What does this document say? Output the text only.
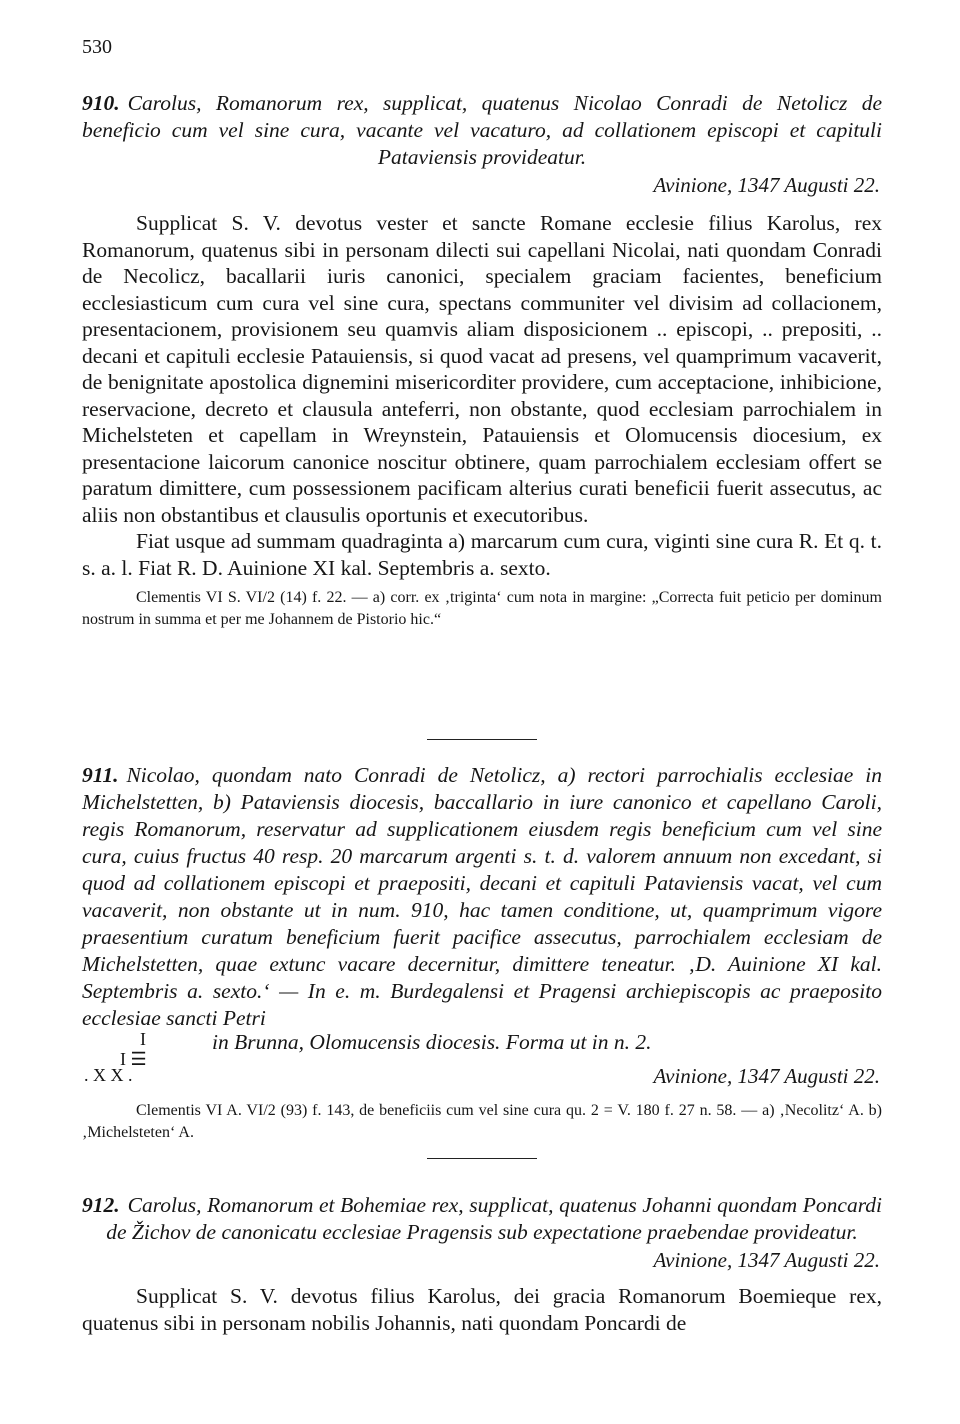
530

910. Carolus, Romanorum rex, supplicat, quatenus Nicolao Conradi de Netolicz de beneficio cum vel sine cura, vacante vel vacaturo, ad collationem episcopi et capituli Pataviensis provideatur.

Avinione, 1347 Augusti 22.

Supplicat S. V. devotus vester et sancte Romane ecclesie filius Karolus, rex Romanorum, quatenus sibi in personam dilecti sui capellani Nicolai, nati quondam Conradi de Necolicz, bacallarii iuris canonici, specialem graciam facientes, beneficium ecclesiasticum cum cura vel sine cura, spectans communiter vel divisim ad collacionem, presentacionem, provisionem seu quamvis aliam disposicionem .. episcopi, .. prepositi, .. decani et capituli ecclesie Patauiensis, si quod vacat ad presens, vel quamprimum vacaverit, de benignitate apostolica dignemini misericorditer providere, cum acceptacione, inhibicione, reservacione, decreto et clausula anteferri, non obstante, quod ecclesiam parrochialem in Michelsteten et capellam in Wreynstein, Patauiensis et Olomucensis diocesium, ex presentacione laicorum canonice noscitur obtinere, quam parrochialem ecclesiam offert se paratum dimittere, cum possessionem pacificam alterius curati beneficii fuerit assecutus, ac aliis non obstantibus et clausulis oportunis et executoribus.

Fiat usque ad summam quadraginta a) marcarum cum cura, viginti sine cura R. Et q. t. s. a. l. Fiat R. D. Auinione XI kal. Septembris a. sexto.

Clementis VI S. VI/2 (14) f. 22. — a) corr. ex ‚triginta‘ cum nota in margine: „Correcta fuit peticio per dominum nostrum in summa et per me Johannem de Pistorio hic.“

911. Nicolao, quondam nato Conradi de Netolicz, a) rectori parrochialis ecclesiae in Michelstetten, b) Pataviensis diocesis, baccallario in iure canonico et capellano Caroli, regis Romanorum, reservatur ad supplicationem eiusdem regis beneficium cum vel sine cura, cuius fructus 40 resp. 20 marcarum argenti s. t. d. valorem annuum non excedant, si quod ad collationem episcopi et praepositi, decani et capituli Pataviensis vacat, vel cum vacaverit, non obstante ut in num. 910, hac tamen conditione, ut, quamprimum vigore praesentium curatum beneficium fuerit pacifice assecutus, parrochialem ecclesiam de Michelstetten, quae extunc vacare decernitur, dimittere teneatur. ‚D. Auinione XI kal. Septembris a. sexto.‘ — In e. m. Burdegalensi et Pragensi archiepiscopis ac praeposito ecclesiae sancti Petri

I
I ☰
. X X .
in Brunna, Olomucensis diocesis. Forma ut in n. 2.
Avinione, 1347 Augusti 22.

Clementis VI A. VI/2 (93) f. 143, de beneficiis cum vel sine cura qu. 2 = V. 180 f. 27 n. 58. — a) ‚Necolitz‘ A. b) ‚Michelsteten‘ A.

912. Carolus, Romanorum et Bohemiae rex, supplicat, quatenus Johanni quondam Poncardi de Žichov de canonicatu ecclesiae Pragensis sub expectatione praebendae provideatur.

Avinione, 1347 Augusti 22.

Supplicat S. V. devotus filius Karolus, dei gracia Romanorum Boemieque rex, quatenus sibi in personam nobilis Johannis, nati quondam Poncardi de
